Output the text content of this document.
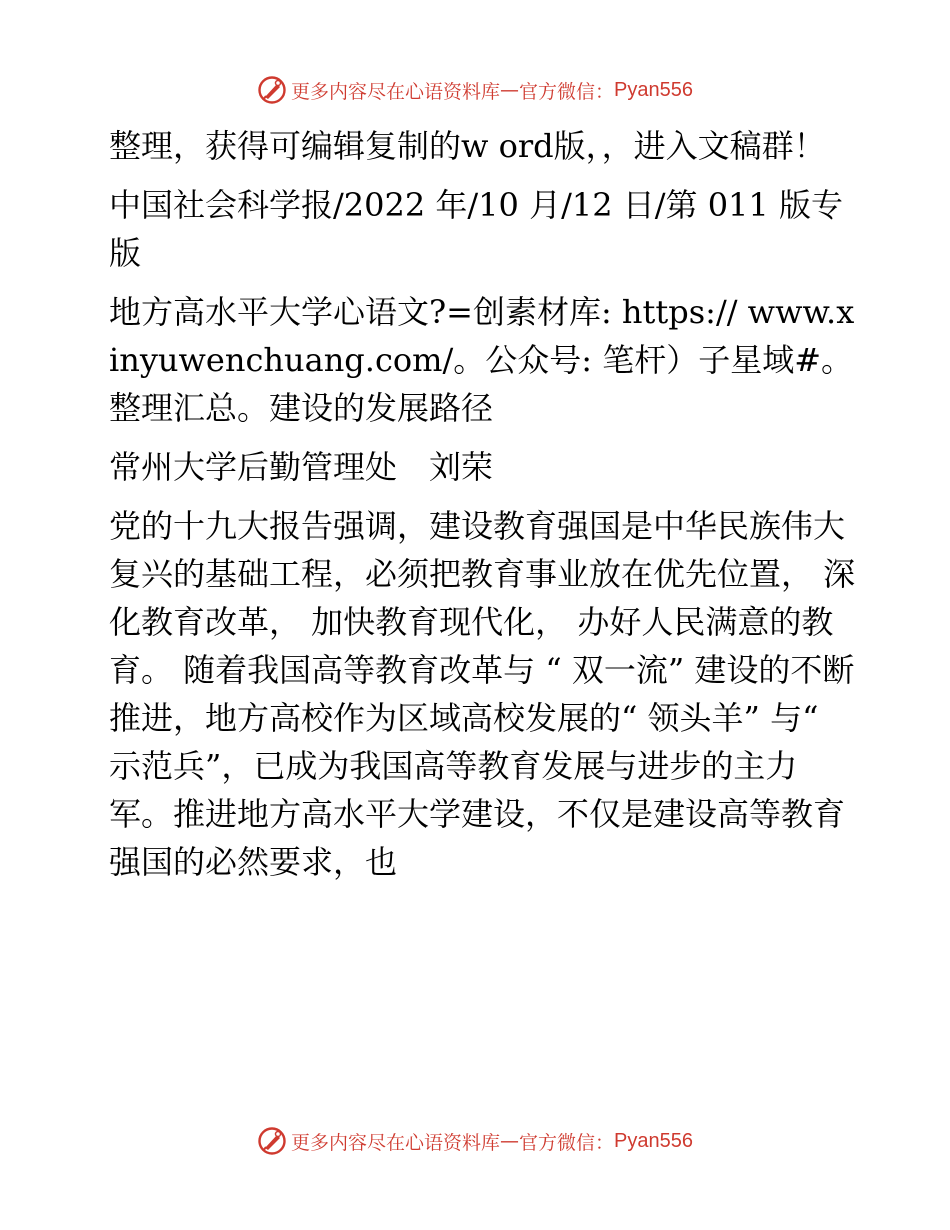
更多内容尽在心语资料库 — 官方微信： Pyan556

整理，获得可编辑复制的w ord版，，进入文稿群！

中国社会科学报/2022 年/10 月/12 日/第 011 版专版

地方高水平大学心语文?=创素材库: https:// www.xinyuwenchuang.com/。公众号: 笔杆）子星域#。整理汇总。建设的发展路径

常州大学后勤管理处　刘荣

党的十九大报告强调，建设教育强国是中华民族伟大复兴的基础工程，必须把教育事业放在优先位置， 深化教育改革， 加快教育现代化， 办好人民满意的教育。 随着我国高等教育改革与 “ 双一流” 建设的不断推进，地方高校作为区域高校发展的“ 领头羊” 与“ 示范兵”，已成为我国高等教育发展与进步的主力军。推进地方高水平大学建设，不仅是建设高等教育强国的必然要求，也

更多内容尽在心语资料库 — 官方微信： Pyan556
